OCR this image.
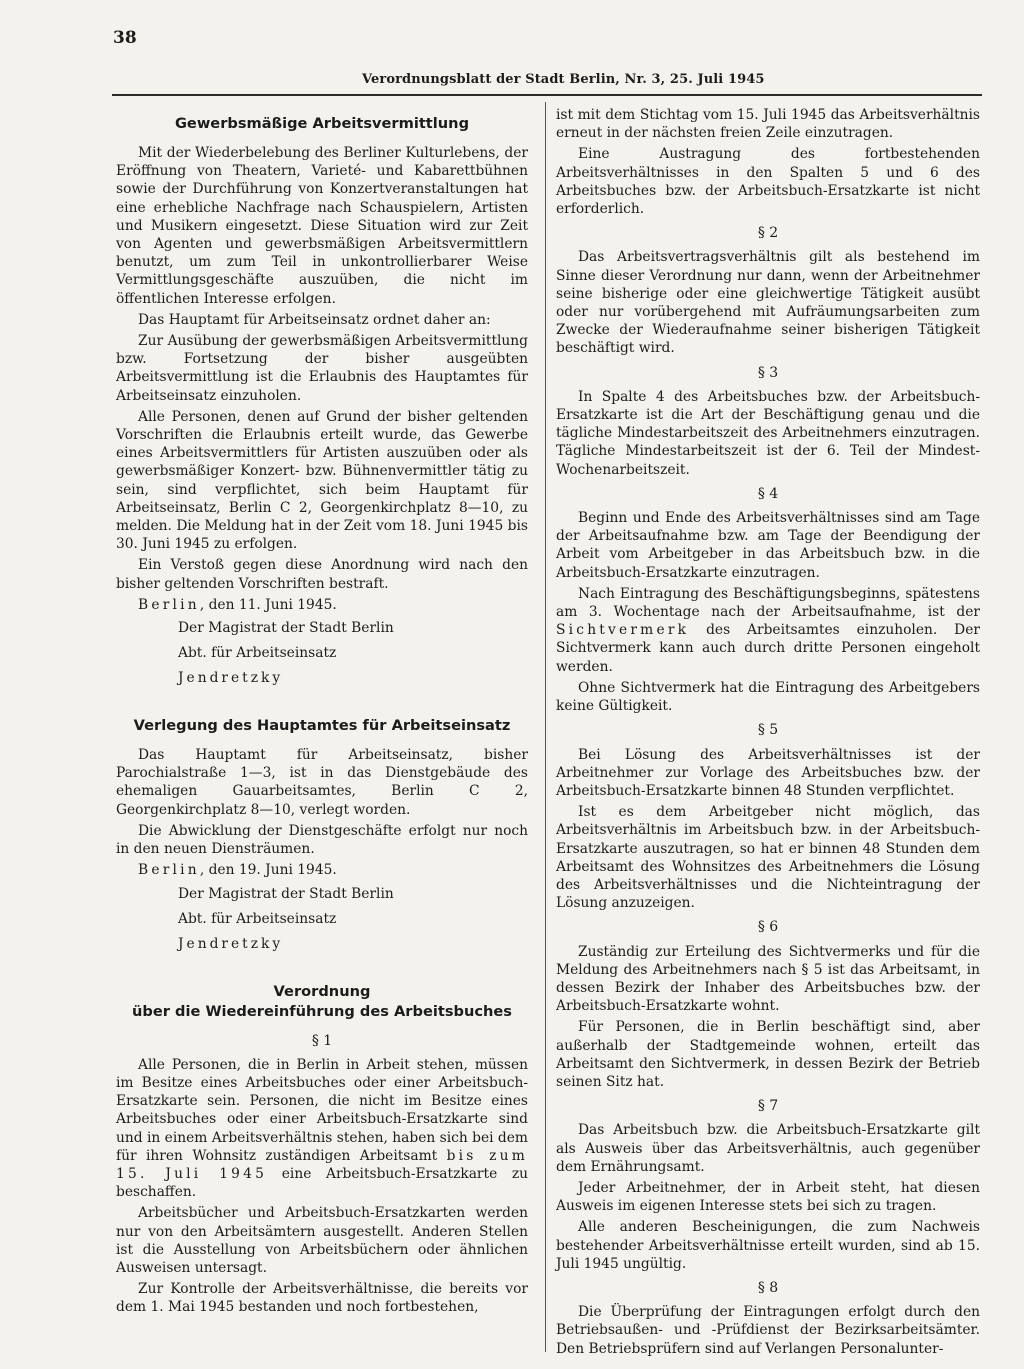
38
Verordnungsblatt der Stadt Berlin, Nr. 3, 25. Juli 1945
Gewerbsmäßige Arbeitsvermittlung

Mit der Wiederbelebung des Berliner Kulturlebens, der Eröffnung von Theatern, Varieté- und Kabarettbühnen sowie der Durchführung von Konzertveranstaltungen hat eine erhebliche Nachfrage nach Schauspielern, Artisten und Musikern eingesetzt. Diese Situation wird zur Zeit von Agenten und gewerbsmäßigen Arbeitsvermittlern benutzt, um zum Teil in unkontrollierbarer Weise Vermittlungsgeschäfte auszuüben, die nicht im öffentlichen Interesse erfolgen.

Das Hauptamt für Arbeitseinsatz ordnet daher an:

Zur Ausübung der gewerbsmäßigen Arbeitsvermittlung bzw. Fortsetzung der bisher ausgeübten Arbeitsvermittlung ist die Erlaubnis des Hauptamtes für Arbeitseinsatz einzuholen.

Alle Personen, denen auf Grund der bisher geltenden Vorschriften die Erlaubnis erteilt wurde, das Gewerbe eines Arbeitsvermittlers für Artisten auszuüben oder als gewerbsmäßiger Konzert- bzw. Bühnenvermittler tätig zu sein, sind verpflichtet, sich beim Hauptamt für Arbeitseinsatz, Berlin C 2, Georgenkirchplatz 8—10, zu melden. Die Meldung hat in der Zeit vom 18. Juni 1945 bis 30. Juni 1945 zu erfolgen.

Ein Verstoß gegen diese Anordnung wird nach den bisher geltenden Vorschriften bestraft.

Berlin, den 11. Juni 1945.

Der Magistrat der Stadt Berlin

Abt. für Arbeitseinsatz

Jendretzky

Verlegung des Hauptamtes für Arbeitseinsatz

Das Hauptamt für Arbeitseinsatz, bisher Parochialstraße 1—3, ist in das Dienstgebäude des ehemaligen Gauarbeitsamtes, Berlin C 2, Georgenkirchplatz 8—10, verlegt worden.

Die Abwicklung der Dienstgeschäfte erfolgt nur noch in den neuen Diensträumen.

Berlin, den 19. Juni 1945.

Der Magistrat der Stadt Berlin

Abt. für Arbeitseinsatz

Jendretzky

Verordnung
über die Wiedereinführung des Arbeitsbuches
§ 1

Alle Personen, die in Berlin in Arbeit stehen, müssen im Besitze eines Arbeitsbuches oder einer Arbeitsbuch-Ersatzkarte sein. Personen, die nicht im Besitze eines Arbeitsbuches oder einer Arbeitsbuch-Ersatzkarte sind und in einem Arbeitsverhältnis stehen, haben sich bei dem für ihren Wohnsitz zuständigen Arbeitsamt bis zum 15. Juli 1945 eine Arbeitsbuch-Ersatzkarte zu beschaffen.

Arbeitsbücher und Arbeitsbuch-Ersatzkarten werden nur von den Arbeitsämtern ausgestellt. Anderen Stellen ist die Ausstellung von Arbeitsbüchern oder ähnlichen Ausweisen untersagt.

Zur Kontrolle der Arbeitsverhältnisse, die bereits vor dem 1. Mai 1945 bestanden und noch fortbestehen,

ist mit dem Stichtag vom 15. Juli 1945 das Arbeitsverhältnis erneut in der nächsten freien Zeile einzutragen.

Eine Austragung des fortbestehenden Arbeitsverhältnisses in den Spalten 5 und 6 des Arbeitsbuches bzw. der Arbeitsbuch-Ersatzkarte ist nicht erforderlich.

§ 2

Das Arbeitsvertragsverhältnis gilt als bestehend im Sinne dieser Verordnung nur dann, wenn der Arbeitnehmer seine bisherige oder eine gleichwertige Tätigkeit ausübt oder nur vorübergehend mit Aufräumungsarbeiten zum Zwecke der Wiederaufnahme seiner bisherigen Tätigkeit beschäftigt wird.

§ 3

In Spalte 4 des Arbeitsbuches bzw. der Arbeitsbuch-Ersatzkarte ist die Art der Beschäftigung genau und die tägliche Mindestarbeitszeit des Arbeitnehmers einzutragen. Tägliche Mindestarbeitszeit ist der 6. Teil der Mindest-Wochenarbeitszeit.

§ 4

Beginn und Ende des Arbeitsverhältnisses sind am Tage der Arbeitsaufnahme bzw. am Tage der Beendigung der Arbeit vom Arbeitgeber in das Arbeitsbuch bzw. in die Arbeitsbuch-Ersatzkarte einzutragen.

Nach Eintragung des Beschäftigungsbeginns, spätestens am 3. Wochentage nach der Arbeitsaufnahme, ist der Sichtvermerk des Arbeitsamtes einzuholen. Der Sichtvermerk kann auch durch dritte Personen eingeholt werden.

Ohne Sichtvermerk hat die Eintragung des Arbeitgebers keine Gültigkeit.

§ 5

Bei Lösung des Arbeitsverhältnisses ist der Arbeitnehmer zur Vorlage des Arbeitsbuches bzw. der Arbeitsbuch-Ersatzkarte binnen 48 Stunden verpflichtet.

Ist es dem Arbeitgeber nicht möglich, das Arbeitsverhältnis im Arbeitsbuch bzw. in der Arbeitsbuch-Ersatzkarte auszutragen, so hat er binnen 48 Stunden dem Arbeitsamt des Wohnsitzes des Arbeitnehmers die Lösung des Arbeitsverhältnisses und die Nichteintragung der Lösung anzuzeigen.

§ 6

Zuständig zur Erteilung des Sichtvermerks und für die Meldung des Arbeitnehmers nach § 5 ist das Arbeitsamt, in dessen Bezirk der Inhaber des Arbeitsbuches bzw. der Arbeitsbuch-Ersatzkarte wohnt.

Für Personen, die in Berlin beschäftigt sind, aber außerhalb der Stadtgemeinde wohnen, erteilt das Arbeitsamt den Sichtvermerk, in dessen Bezirk der Betrieb seinen Sitz hat.

§ 7

Das Arbeitsbuch bzw. die Arbeitsbuch-Ersatzkarte gilt als Ausweis über das Arbeitsverhältnis, auch gegenüber dem Ernährungsamt.

Jeder Arbeitnehmer, der in Arbeit steht, hat diesen Ausweis im eigenen Interesse stets bei sich zu tragen.

Alle anderen Bescheinigungen, die zum Nachweis bestehender Arbeitsverhältnisse erteilt wurden, sind ab 15. Juli 1945 ungültig.

§ 8

Die Überprüfung der Eintragungen erfolgt durch den Betriebsaußen- und -Prüfdienst der Bezirksarbeitsämter. Den Betriebsprüfern sind auf Verlangen Personalunter-
